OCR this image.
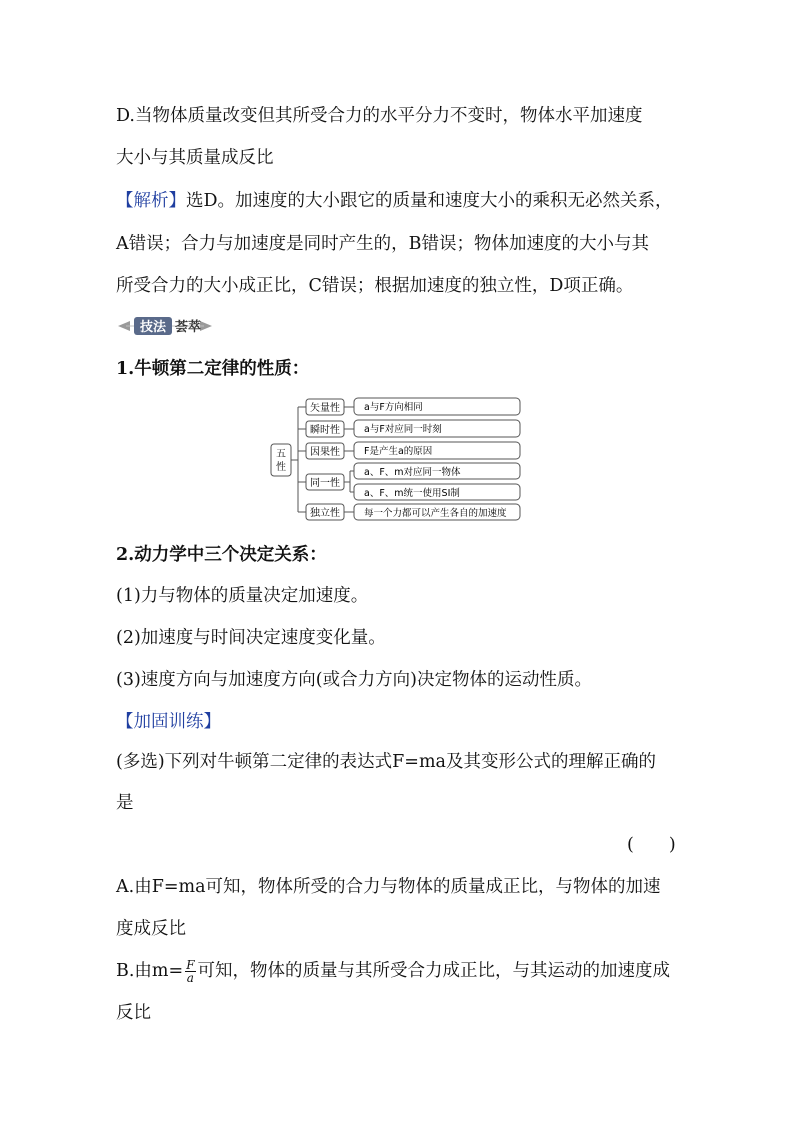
D.当物体质量改变但其所受合力的水平分力不变时，物体水平加速度
大小与其质量成反比
【解析】选D。加速度的大小跟它的质量和速度大小的乘积无必然关系，
A错误；合力与加速度是同时产生的，B错误；物体加速度的大小与其
所受合力的大小成正比，C错误；根据加速度的独立性，D项正确。
技法 荟萃
1.牛顿第二定律的性质：
五
性
矢量性	a与F方向相同
瞬时性	a与F对应同一时刻
因果性	F是产生a的原因
同一性
a、F、m对应同一物体
a、F、m统一使用SI制
独立性	每一个力都可以产生各自的加速度
2.动力学中三个决定关系：
(1)力与物体的质量决定加速度。
(2)加速度与时间决定速度变化量。
(3)速度方向与加速度方向(或合力方向)决定物体的运动性质。
【加固训练】
(多选)下列对牛顿第二定律的表达式F=ma及其变形公式的理解正确的
是
(　　)
A.由F=ma可知，物体所受的合力与物体的质量成正比，与物体的加速
度成反比
B.由$m= \frac{F}{a}$ 可知，物体的质量与其所受合力成正比，与其运动的加速度成
反比
